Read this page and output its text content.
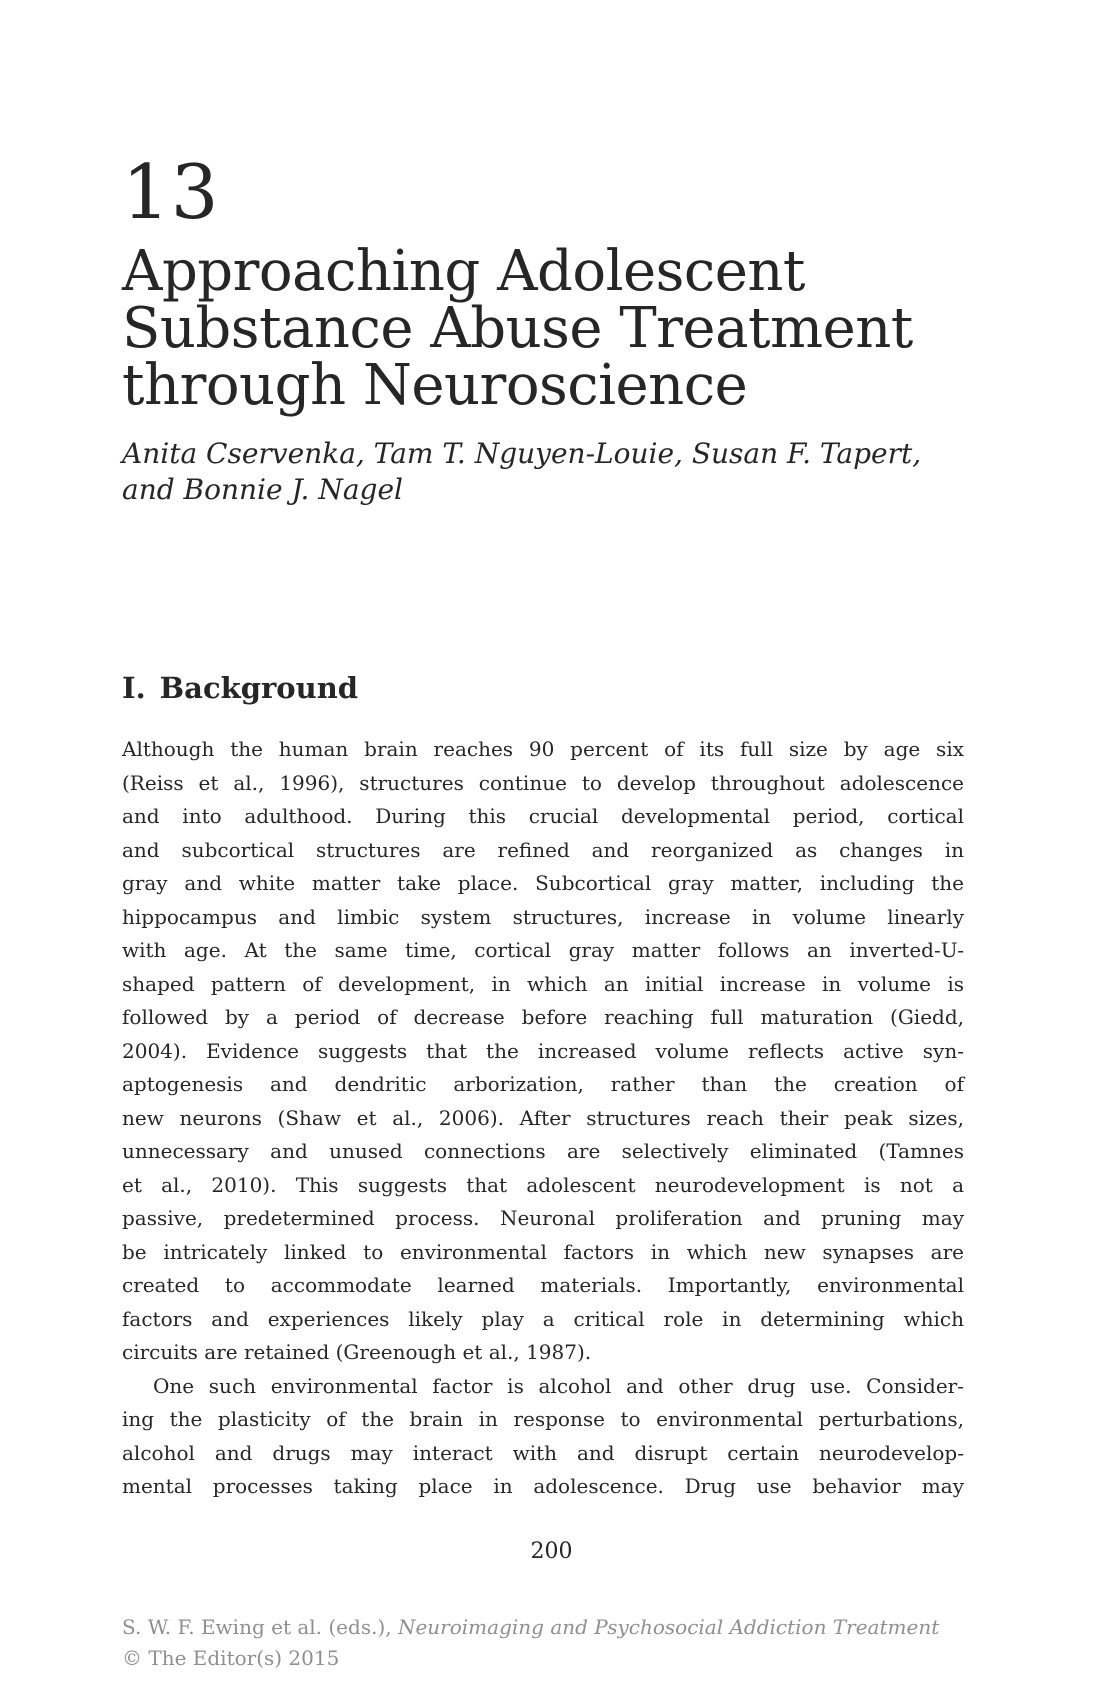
13
Approaching Adolescent
Substance Abuse Treatment
through Neuroscience
Anita Cservenka, Tam T. Nguyen-Louie, Susan F. Tapert,
and Bonnie J. Nagel
I. Background
Although the human brain reaches 90 percent of its full size by age six
(Reiss et al., 1996), structures continue to develop throughout adolescence
and into adulthood. During this crucial developmental period, cortical
and subcortical structures are refined and reorganized as changes in
gray and white matter take place. Subcortical gray matter, including the
hippocampus and limbic system structures, increase in volume linearly
with age. At the same time, cortical gray matter follows an inverted-U-
shaped pattern of development, in which an initial increase in volume is
followed by a period of decrease before reaching full maturation (Giedd,
2004). Evidence suggests that the increased volume reflects active syn-
aptogenesis and dendritic arborization, rather than the creation of
new neurons (Shaw et al., 2006). After structures reach their peak sizes,
unnecessary and unused connections are selectively eliminated (Tamnes
et al., 2010). This suggests that adolescent neurodevelopment is not a
passive, predetermined process. Neuronal proliferation and pruning may
be intricately linked to environmental factors in which new synapses are
created to accommodate learned materials. Importantly, environmental
factors and experiences likely play a critical role in determining which
circuits are retained (Greenough et al., 1987).
One such environmental factor is alcohol and other drug use. Consider-
ing the plasticity of the brain in response to environmental perturbations,
alcohol and drugs may interact with and disrupt certain neurodevelop-
mental processes taking place in adolescence. Drug use behavior may
200
S. W. F. Ewing et al. (eds.), Neuroimaging and Psychosocial Addiction Treatment
© The Editor(s) 2015
